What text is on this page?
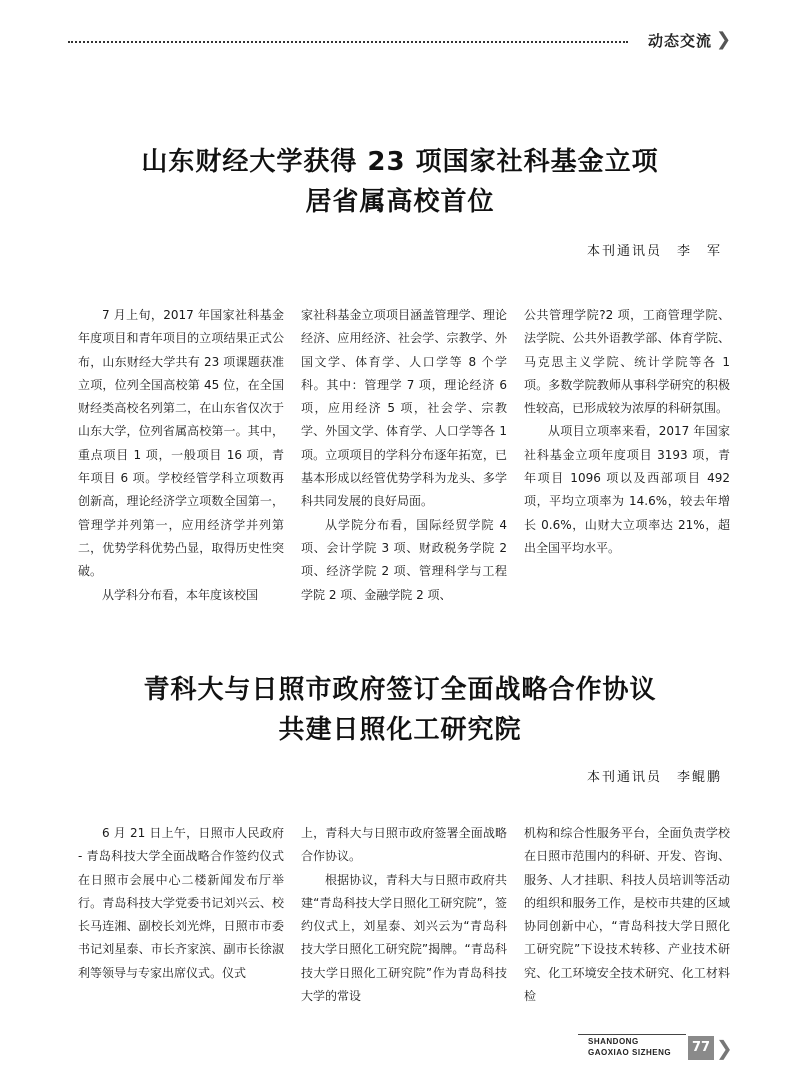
动态交流 ❯
山东财经大学获得 23 项国家社科基金立项
居省属高校首位
本刊通讯员　李　军

7 月上旬，2017 年国家社科基金年度项目和青年项目的立项结果正式公布，山东财经大学共有 23 项课题获准立项，位列全国高校第 45 位，在全国财经类高校名列第二，在山东省仅次于山东大学，位列省属高校第一。其中，重点项目 1 项，一般项目 16 项，青年项目 6 项。学校经管学科立项数再创新高，理论经济学立项数全国第一，管理学并列第一，应用经济学并列第二，优势学科优势凸显，取得历史性突破。

从学科分布看，本年度该校国

家社科基金立项项目涵盖管理学、理论经济、应用经济、社会学、宗教学、外国文学、体育学、人口学等 8 个学科。其中：管理学 7 项，理论经济 6 项，应用经济 5 项，社会学、宗教学、外国文学、体育学、人口学等各 1 项。立项项目的学科分布逐年拓宽，已基本形成以经管优势学科为龙头、多学科共同发展的良好局面。

从学院分布看，国际经贸学院 4 项、会计学院 3 项、财政税务学院 2 项、经济学院 2 项、管理科学与工程学院 2 项、金融学院 2 项、

公共管理学院?2 项，工商管理学院、法学院、公共外语教学部、体育学院、马克思主义学院、统计学院等各 1 项。多数学院教师从事科学研究的积极性较高，已形成较为浓厚的科研氛围。

从项目立项率来看，2017 年国家社科基金立项年度项目 3193 项，青年项目 1096 项以及西部项目 492 项，平均立项率为 14.6%，较去年增长 0.6%，山财大立项率达 21%，超出全国平均水平。

青科大与日照市政府签订全面战略合作协议
共建日照化工研究院
本刊通讯员　李鲲鹏

6 月 21 日上午，日照市人民政府 - 青岛科技大学全面战略合作签约仪式在日照市会展中心二楼新闻发布厅举行。青岛科技大学党委书记刘兴云、校长马连湘、副校长刘光烨，日照市市委书记刘星泰、市长齐家滨、副市长徐淑利等领导与专家出席仪式。仪式

上，青科大与日照市政府签署全面战略合作协议。

根据协议，青科大与日照市政府共建“青岛科技大学日照化工研究院”，签约仪式上，刘星泰、刘兴云为“青岛科技大学日照化工研究院”揭牌。“青岛科技大学日照化工研究院”作为青岛科技大学的常设

机构和综合性服务平台，全面负责学校在日照市范围内的科研、开发、咨询、服务、人才挂职、科技人员培训等活动的组织和服务工作，是校市共建的区域协同创新中心，“青岛科技大学日照化工研究院”下设技术转移、产业技术研究、化工环境安全技术研究、化工材料检

SHANDONG
GAOXIAO SIZHENG	77 ❯
